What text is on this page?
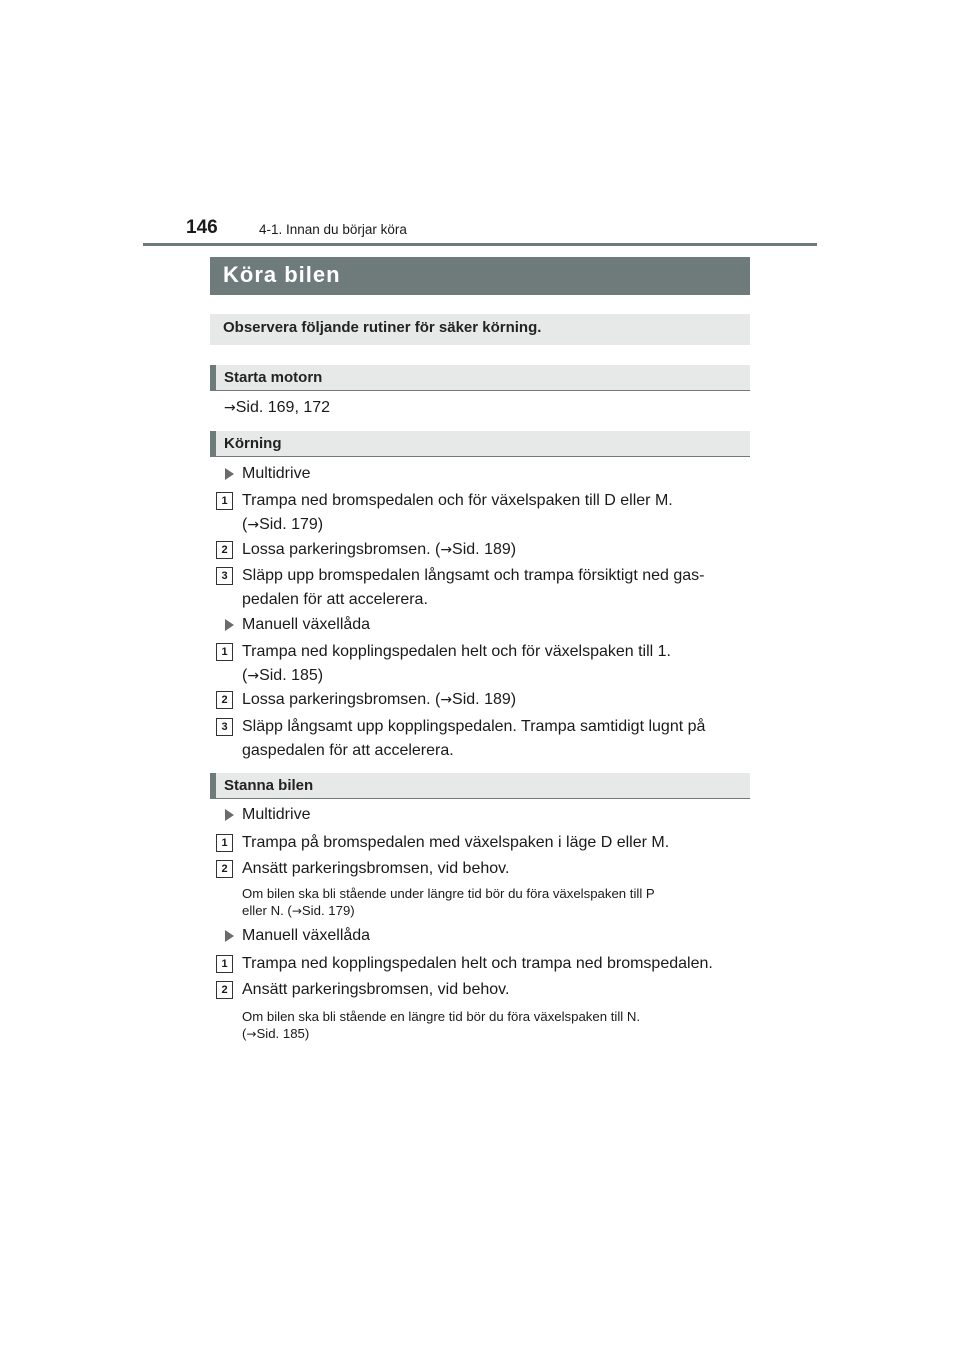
146	4-1. Innan du börjar köra
Köra bilen
Observera följande rutiner för säker körning.
Starta motorn
→Sid. 169, 172
Körning
Multidrive
1 Trampa ned bromspedalen och för växelspaken till D eller M.
(→Sid. 179)
2 Lossa parkeringsbromsen. (→Sid. 189)
3 Släpp upp bromspedalen långsamt och trampa försiktigt ned gas-
pedalen för att accelerera.
Manuell växellåda
1 Trampa ned kopplingspedalen helt och för växelspaken till 1.
(→Sid. 185)
2 Lossa parkeringsbromsen. (→Sid. 189)
3 Släpp långsamt upp kopplingspedalen. Trampa samtidigt lugnt på
gaspedalen för att accelerera.
Stanna bilen
Multidrive
1 Trampa på bromspedalen med växelspaken i läge D eller M.
2 Ansätt parkeringsbromsen, vid behov.
Om bilen ska bli stående under längre tid bör du föra växelspaken till P
eller N. (→Sid. 179)
Manuell växellåda
1 Trampa ned kopplingspedalen helt och trampa ned bromspedalen.
2 Ansätt parkeringsbromsen, vid behov.
Om bilen ska bli stående en längre tid bör du föra växelspaken till N.
(→Sid. 185)
